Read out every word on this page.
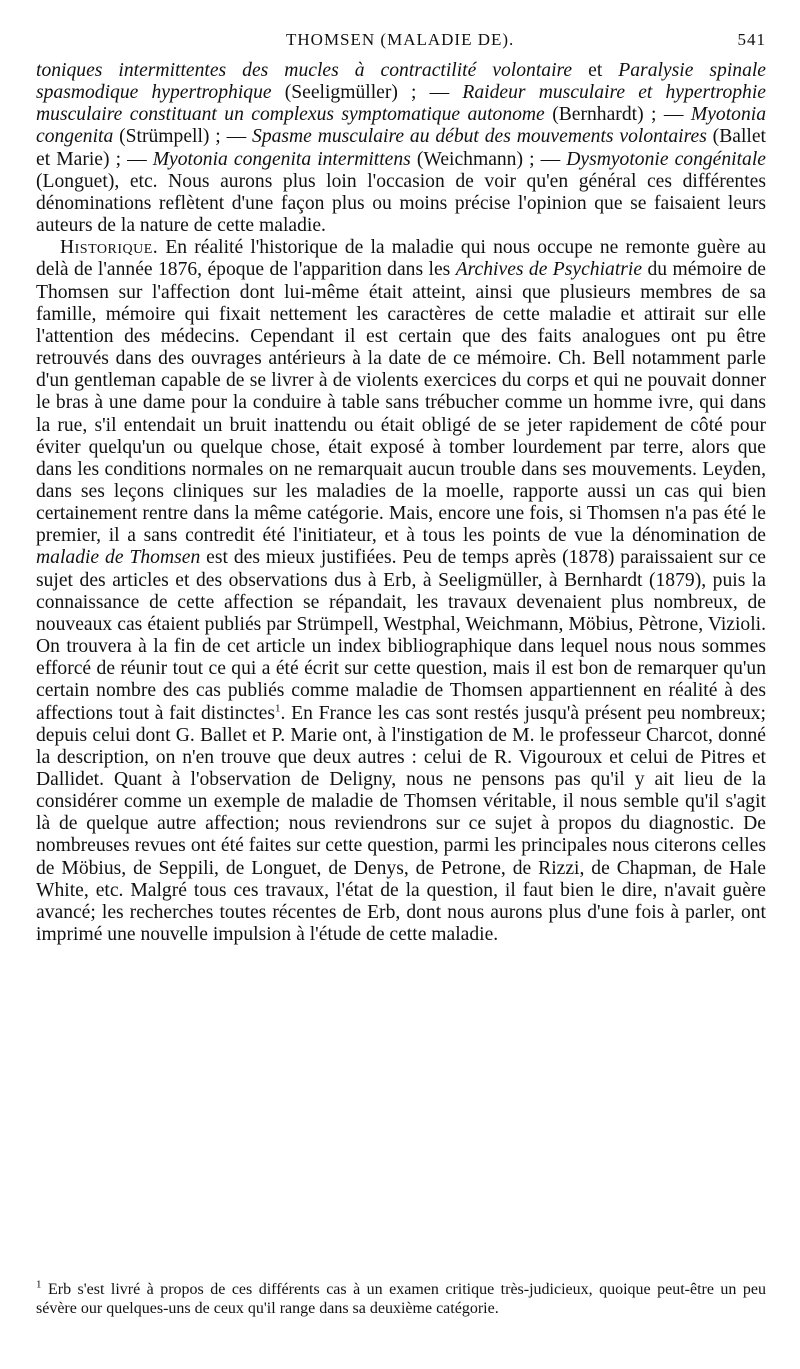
THOMSEN (MALADIE DE).	541

toniques intermittentes des mucles à contractilité volontaire et Paralysie spinale spasmodique hypertrophique (Seeligmüller) ; — Raideur musculaire et hypertrophie musculaire constituant un complexus symptomatique autonome (Bernhardt) ; — Myotonia congenita (Strümpell) ; — Spasme musculaire au début des mouvements volontaires (Ballet et Marie) ; — Myotonia congenita intermittens (Weichmann) ; — Dysmyotonie congénitale (Longuet), etc. Nous aurons plus loin l'occasion de voir qu'en général ces différentes dénominations reflètent d'une façon plus ou moins précise l'opinion que se faisaient leurs auteurs de la nature de cette maladie.

Historique. En réalité l'historique de la maladie qui nous occupe ne remonte guère au delà de l'année 1876, époque de l'apparition dans les Archives de Psychiatrie du mémoire de Thomsen sur l'affection dont lui-même était atteint, ainsi que plusieurs membres de sa famille, mémoire qui fixait nettement les caractères de cette maladie et attirait sur elle l'attention des médecins. Cependant il est certain que des faits analogues ont pu être retrouvés dans des ouvrages antérieurs à la date de ce mémoire. Ch. Bell notamment parle d'un gentleman capable de se livrer à de violents exercices du corps et qui ne pouvait donner le bras à une dame pour la conduire à table sans trébucher comme un homme ivre, qui dans la rue, s'il entendait un bruit inattendu ou était obligé de se jeter rapidement de côté pour éviter quelqu'un ou quelque chose, était exposé à tomber lourdement par terre, alors que dans les conditions normales on ne remarquait aucun trouble dans ses mouvements. Leyden, dans ses leçons cliniques sur les maladies de la moelle, rapporte aussi un cas qui bien certainement rentre dans la même catégorie. Mais, encore une fois, si Thomsen n'a pas été le premier, il a sans contredit été l'initiateur, et à tous les points de vue la dénomination de maladie de Thomsen est des mieux justifiées. Peu de temps après (1878) paraissaient sur ce sujet des articles et des observations dus à Erb, à Seeligmüller, à Bernhardt (1879), puis la connaissance de cette affection se répandait, les travaux devenaient plus nombreux, de nouveaux cas étaient publiés par Strümpell, Westphal, Weichmann, Möbius, Pètrone, Vizioli. On trouvera à la fin de cet article un index bibliographique dans lequel nous nous sommes efforcé de réunir tout ce qui a été écrit sur cette question, mais il est bon de remarquer qu'un certain nombre des cas publiés comme maladie de Thomsen appartiennent en réalité à des affections tout à fait distinctes$^1$. En France les cas sont restés jusqu'à présent peu nombreux; depuis celui dont G. Ballet et P. Marie ont, à l'instigation de M. le professeur Charcot, donné la description, on n'en trouve que deux autres : celui de R. Vigouroux et celui de Pitres et Dallidet. Quant à l'observation de Deligny, nous ne pensons pas qu'il y ait lieu de la considérer comme un exemple de maladie de Thomsen véritable, il nous semble qu'il s'agit là de quelque autre affection; nous reviendrons sur ce sujet à propos du diagnostic. De nombreuses revues ont été faites sur cette question, parmi les principales nous citerons celles de Möbius, de Seppili, de Longuet, de Denys, de Petrone, de Rizzi, de Chapman, de Hale White, etc. Malgré tous ces travaux, l'état de la question, il faut bien le dire, n'avait guère avancé; les recherches toutes récentes de Erb, dont nous aurons plus d'une fois à parler, ont imprimé une nouvelle impulsion à l'étude de cette maladie.

$^1$ Erb s'est livré à propos de ces différents cas à un examen critique très-judicieux, quoique peut-être un peu sévère our quelques-uns de ceux qu'il range dans sa deuxième catégorie.
